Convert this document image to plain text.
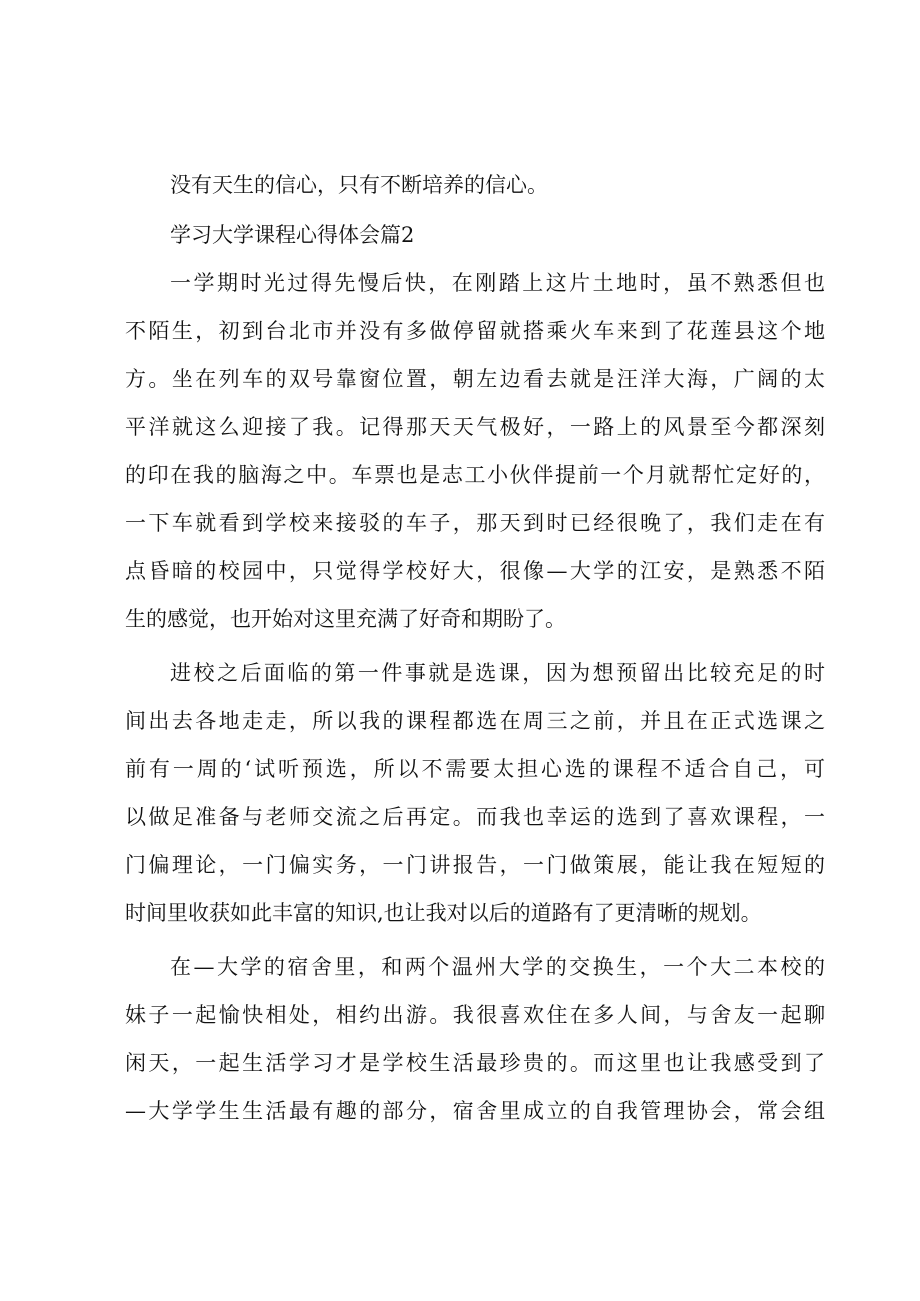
没有天生的信心，只有不断培养的信心。
学习大学课程心得体会篇2
一学期时光过得先慢后快，在刚踏上这片土地时，虽不熟悉但也
不陌生，初到台北市并没有多做停留就搭乘火车来到了花莲县这个地
方。坐在列车的双号靠窗位置，朝左边看去就是汪洋大海，广阔的太
平洋就这么迎接了我。记得那天天气极好，一路上的风景至今都深刻
的印在我的脑海之中。车票也是志工小伙伴提前一个月就帮忙定好的，
一下车就看到学校来接驳的车子，那天到时已经很晚了，我们走在有
点昏暗的校园中，只觉得学校好大，很像—大学的江安，是熟悉不陌
生的感觉，也开始对这里充满了好奇和期盼了。
进校之后面临的第一件事就是选课，因为想预留出比较充足的时
间出去各地走走，所以我的课程都选在周三之前，并且在正式选课之
前有一周的‘试听预选，所以不需要太担心选的课程不适合自己，可
以做足准备与老师交流之后再定。而我也幸运的选到了喜欢课程，一
门偏理论，一门偏实务，一门讲报告，一门做策展，能让我在短短的
时间里收获如此丰富的知识,也让我对以后的道路有了更清晰的规划。
在—大学的宿舍里，和两个温州大学的交换生，一个大二本校的
妹子一起愉快相处，相约出游。我很喜欢住在多人间，与舍友一起聊
闲天，一起生活学习才是学校生活最珍贵的。而这里也让我感受到了
—大学学生生活最有趣的部分，宿舍里成立的自我管理协会，常会组
